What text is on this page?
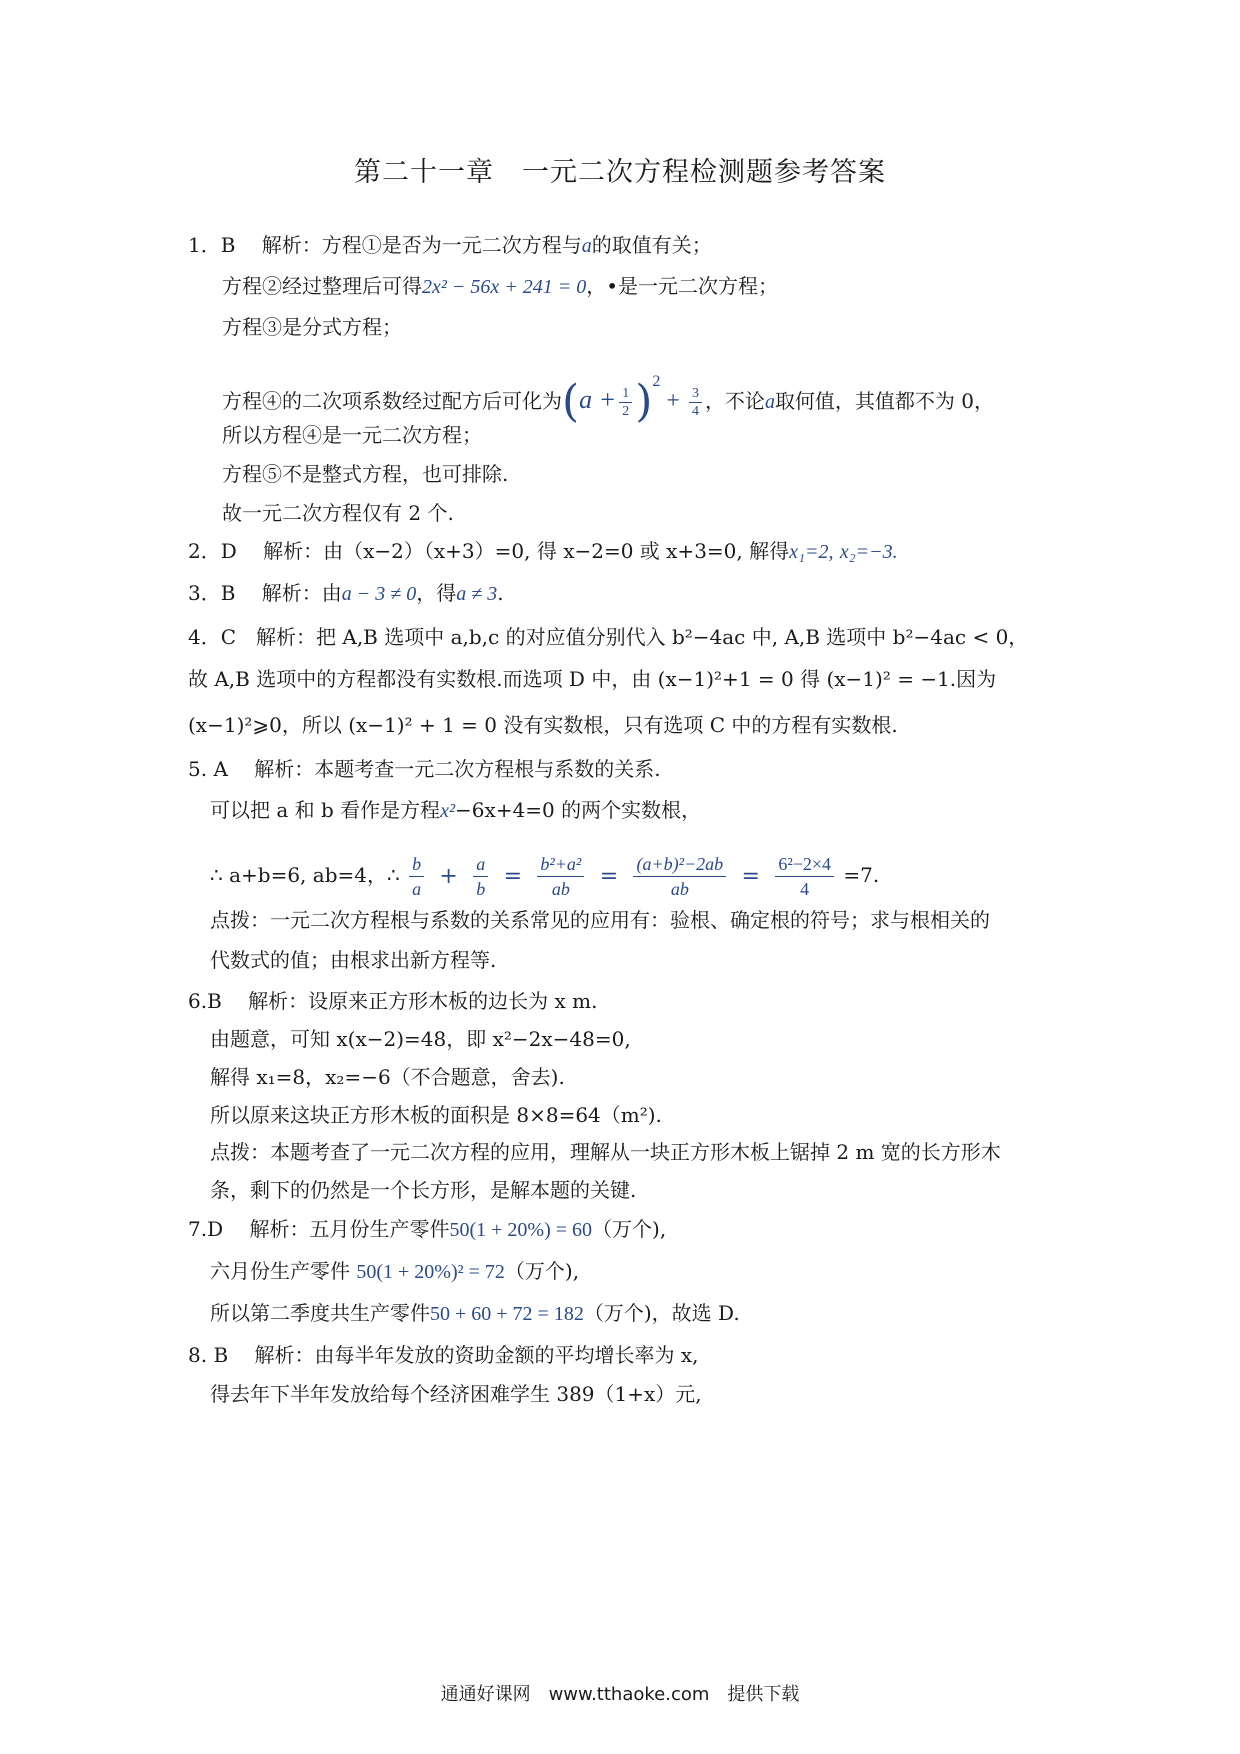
第二十一章　一元二次方程检测题参考答案
1．B　 解析：方程①是否为一元二次方程与a的取值有关；
方程②经过整理后可得2x² − 56x + 241 = 0，•是一元二次方程；
方程③是分式方程；
方程④的二次项系数经过配方后可化为$(a + \frac{1}{2} )^2+ \frac{3}{4}$ ，不论a取何值，其值都不为 0，
所以方程④是一元二次方程；
方程⑤不是整式方程，也可排除.
故一元二次方程仅有 2 个.
2．D　 解析：由（x−2）（x+3）=0, 得 x−2=0 或 x+3=0, 解得x₁=2, x₂=−3.
3．B　 解析：由a − 3 ≠ 0，得a ≠ 3.
4．C　解析：把 A,B 选项中 a,b,c 的对应值分别代入 b²−4ac 中, A,B 选项中 b²−4ac < 0，
故 A,B 选项中的方程都没有实数根.而选项 D 中，由 (x−1)²+1 = 0 得 (x−1)² = −1.因为
(x−1)²⩾0，所以 (x−1)² + 1 = 0 没有实数根，只有选项 C 中的方程有实数根.
5. A　 解析：本题考查一元二次方程根与系数的关系.
可以把 a 和 b 看作是方程x²−6x+4=0 的两个实数根，
∴ a+b=6, ab=4，∴ $\frac{b}{a} + \frac{a}{b} = \frac{\text{b²+a²}}{ab} = \frac{\text{(a+b)²−2ab}}{ab} = \frac{\text{6²−2×4}}{4} =7$.
点拨：一元二次方程根与系数的关系常见的应用有：验根、确定根的符号；求与根相关的
代数式的值；由根求出新方程等.
6.B　 解析：设原来正方形木板的边长为 x m.
由题意，可知 x(x−2)=48，即 x²−2x−48=0,
解得 x₁=8，x₂=−6（不合题意，舍去).
所以原来这块正方形木板的面积是 8×8=64（m²).
点拨：本题考查了一元二次方程的应用，理解从一块正方形木板上锯掉 2 m 宽的长方形木
条，剩下的仍然是一个长方形，是解本题的关键.
7.D　 解析：五月份生产零件50(1 + 20%) = 60（万个),
六月份生产零件 50(1 + 20%)² = 72（万个),
所以第二季度共生产零件50 + 60 + 72 = 182（万个)，故选 D.
8. B　 解析：由每半年发放的资助金额的平均增长率为 x,
得去年下半年发放给每个经济困难学生 389（1+x）元,
通通好课网　www.tthaoke.com　提供下载
